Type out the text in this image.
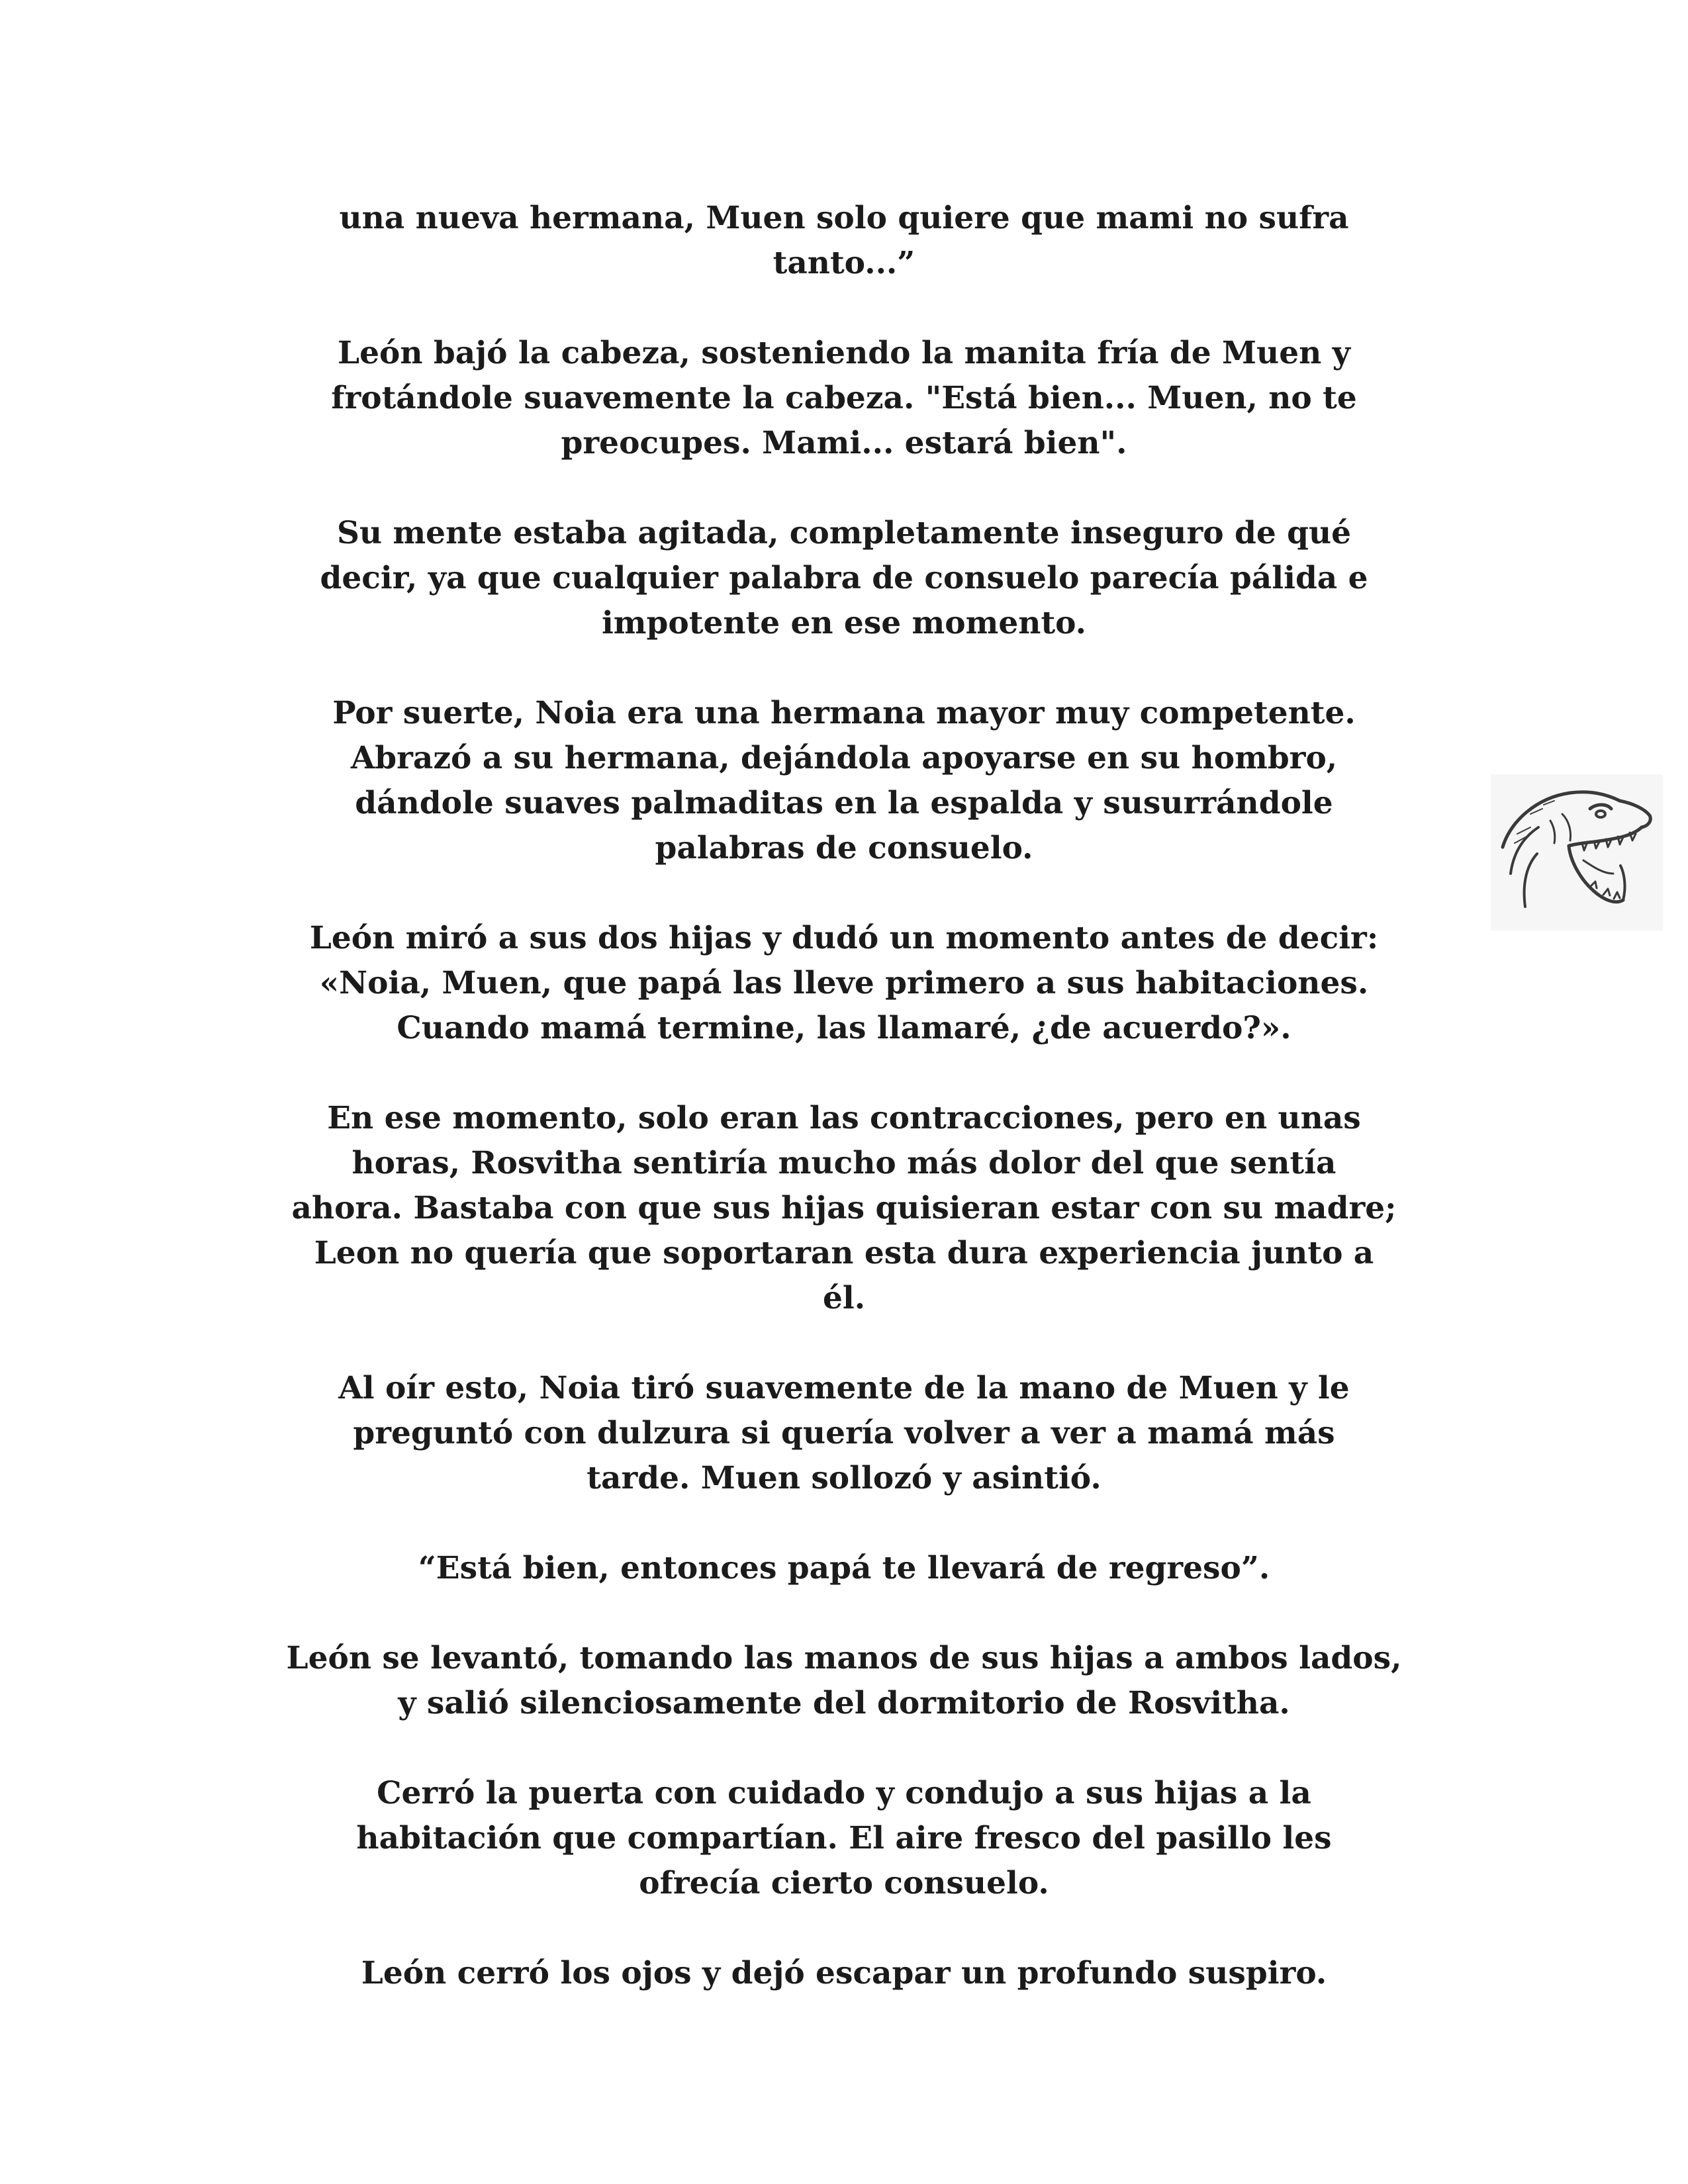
una nueva hermana, Muen solo quiere que mami no sufra
tanto...”

León bajó la cabeza, sosteniendo la manita fría de Muen y
frotándole suavemente la cabeza. "Está bien... Muen, no te
preocupes. Mami... estará bien".

Su mente estaba agitada, completamente inseguro de qué
decir, ya que cualquier palabra de consuelo parecía pálida e
impotente en ese momento.

Por suerte, Noia era una hermana mayor muy competente.
Abrazó a su hermana, dejándola apoyarse en su hombro,
dándole suaves palmaditas en la espalda y susurrándole
palabras de consuelo.

León miró a sus dos hijas y dudó un momento antes de decir:
«Noia, Muen, que papá las lleve primero a sus habitaciones.
Cuando mamá termine, las llamaré, ¿de acuerdo?».

En ese momento, solo eran las contracciones, pero en unas
horas, Rosvitha sentiría mucho más dolor del que sentía
ahora. Bastaba con que sus hijas quisieran estar con su madre;
Leon no quería que soportaran esta dura experiencia junto a
él.

Al oír esto, Noia tiró suavemente de la mano de Muen y le
preguntó con dulzura si quería volver a ver a mamá más
tarde. Muen sollozó y asintió.

“Está bien, entonces papá te llevará de regreso”.

León se levantó, tomando las manos de sus hijas a ambos lados,
y salió silenciosamente del dormitorio de Rosvitha.

Cerró la puerta con cuidado y condujo a sus hijas a la
habitación que compartían. El aire fresco del pasillo les
ofrecía cierto consuelo.

León cerró los ojos y dejó escapar un profundo suspiro.
